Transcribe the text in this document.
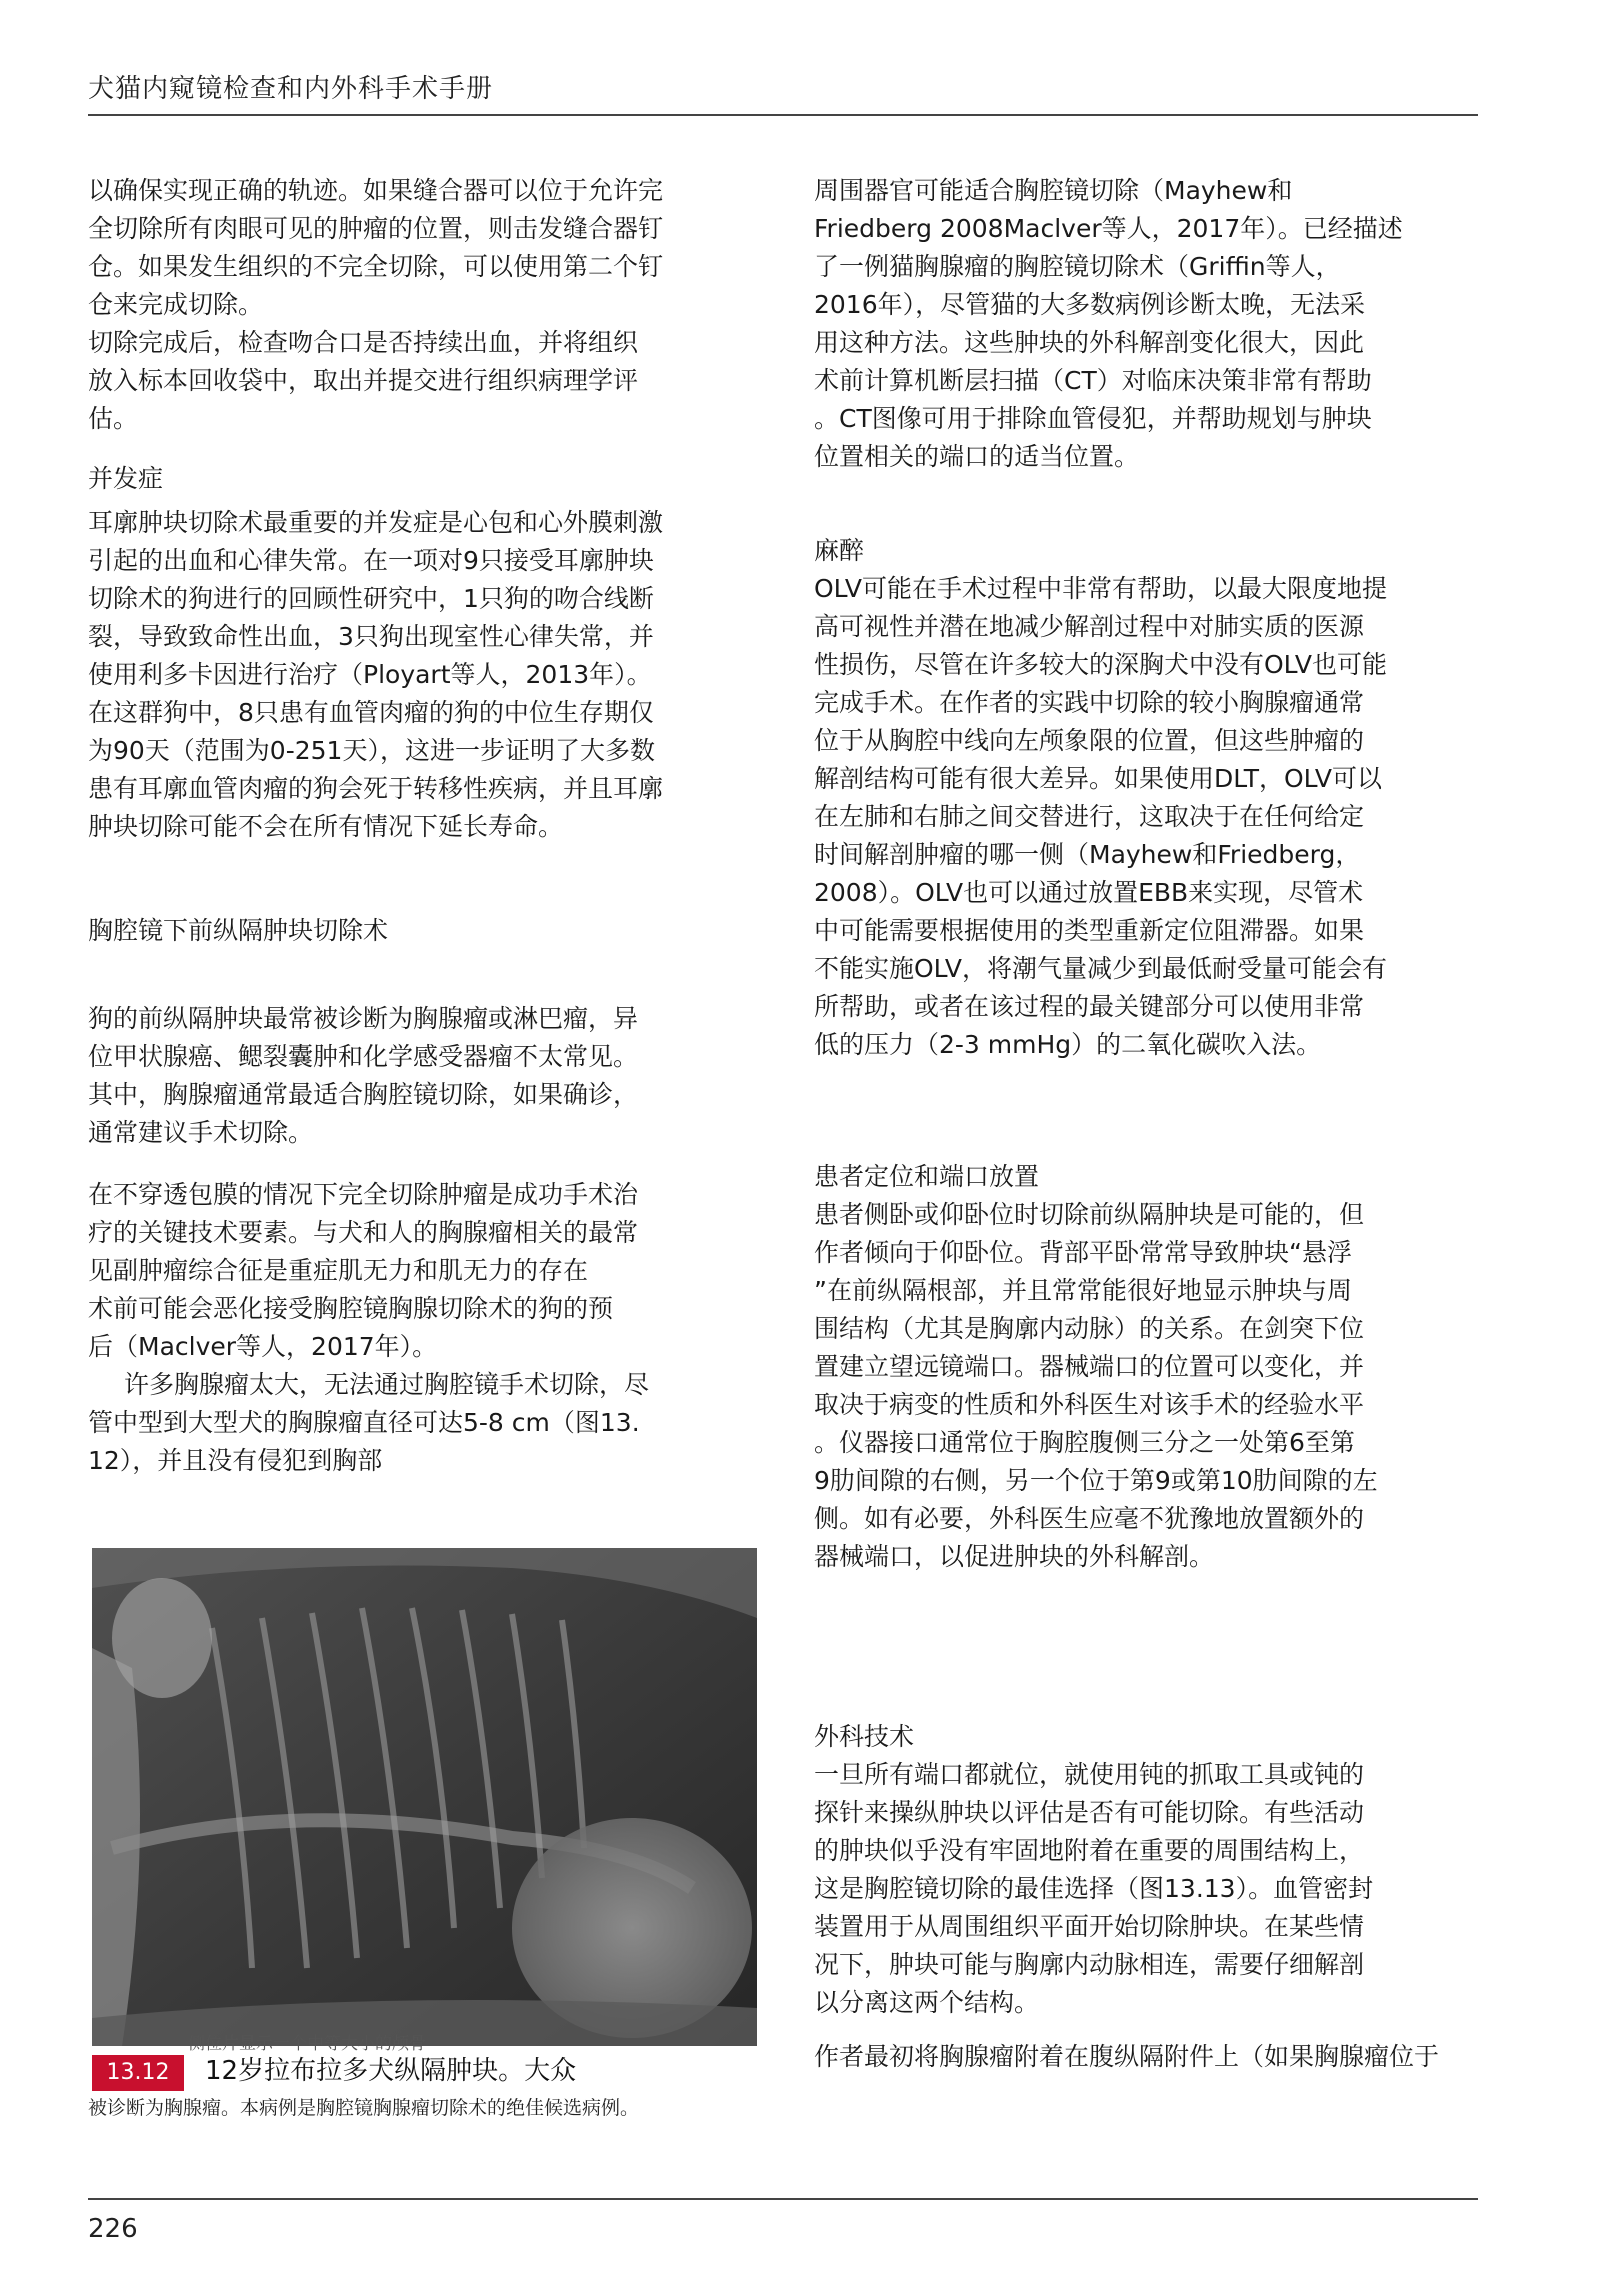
犬猫内窥镜检查和内外科手术手册

以确保实现正确的轨迹。如果缝合器可以位于允许完
全切除所有肉眼可见的肿瘤的位置，则击发缝合器钉
仓。如果发生组织的不完全切除，可以使用第二个钉
仓来完成切除。

切除完成后，检查吻合口是否持续出血，并将组织
放入标本回收袋中，取出并提交进行组织病理学评
估。

并发症

耳廓肿块切除术最重要的并发症是心包和心外膜刺激
引起的出血和心律失常。在一项对9只接受耳廓肿块
切除术的狗进行的回顾性研究中，1只狗的吻合线断
裂，导致致命性出血，3只狗出现室性心律失常，并
使用利多卡因进行治疗（Ployart等人，2013年）。
在这群狗中，8只患有血管肉瘤的狗的中位生存期仅
为90天（范围为0-251天），这进一步证明了大多数
患有耳廓血管肉瘤的狗会死于转移性疾病，并且耳廓
肿块切除可能不会在所有情况下延长寿命。

胸腔镜下前纵隔肿块切除术

狗的前纵隔肿块最常被诊断为胸腺瘤或淋巴瘤，异
位甲状腺癌、鳃裂囊肿和化学感受器瘤不太常见。
其中，胸腺瘤通常最适合胸腔镜切除，如果确诊，
通常建议手术切除。

在不穿透包膜的情况下完全切除肿瘤是成功手术治
疗的关键技术要素。与犬和人的胸腺瘤相关的最常
见副肿瘤综合征是重症肌无力和肌无力的存在
术前可能会恶化接受胸腔镜胸腺切除术的狗的预
后（Maclver等人，2017年）。

许多胸腺瘤太大，无法通过胸腔镜手术切除，尽
管中型到大型犬的胸腺瘤直径可达5-8 cm（图13.
12），并且没有侵犯到胸部

周围器官可能适合胸腔镜切除（Mayhew和
Friedberg 2008Maclver等人，2017年）。已经描述
了一例猫胸腺瘤的胸腔镜切除术（Griffin等人，
2016年），尽管猫的大多数病例诊断太晚，无法采
用这种方法。这些肿块的外科解剖变化很大，因此
术前计算机断层扫描（CT）对临床决策非常有帮助
。CT图像可用于排除血管侵犯，并帮助规划与肿块
位置相关的端口的适当位置。

麻醉

OLV可能在手术过程中非常有帮助，以最大限度地提
高可视性并潜在地减少解剖过程中对肺实质的医源
性损伤，尽管在许多较大的深胸犬中没有OLV也可能
完成手术。在作者的实践中切除的较小胸腺瘤通常
位于从胸腔中线向左颅象限的位置，但这些肿瘤的
解剖结构可能有很大差异。如果使用DLT，OLV可以
在左肺和右肺之间交替进行，这取决于在任何给定
时间解剖肿瘤的哪一侧（Mayhew和Friedberg，
2008）。OLV也可以通过放置EBB来实现，尽管术
中可能需要根据使用的类型重新定位阻滞器。如果
不能实施OLV，将潮气量减少到最低耐受量可能会有
所帮助，或者在该过程的最关键部分可以使用非常
低的压力（2-3 mmHg）的二氧化碳吹入法。

患者定位和端口放置

患者侧卧或仰卧位时切除前纵隔肿块是可能的，但
作者倾向于仰卧位。背部平卧常常导致肿块“悬浮
”在前纵隔根部，并且常常能很好地显示肿块与周
围结构（尤其是胸廓内动脉）的关系。在剑突下位
置建立望远镜端口。器械端口的位置可以变化，并
取决于病变的性质和外科医生对该手术的经验水平
。仪器接口通常位于胸腔腹侧三分之一处第6至第
9肋间隙的右侧，另一个位于第9或第10肋间隙的左
侧。如有必要，外科医生应毫不犹豫地放置额外的
器械端口，以促进肿块的外科解剖。

外科技术

一旦所有端口都就位，就使用钝的抓取工具或钝的
探针来操纵肿块以评估是否有可能切除。有些活动
的肿块似乎没有牢固地附着在重要的周围结构上，
这是胸腔镜切除的最佳选择（图13.13）。血管密封
装置用于从周围组织平面开始切除肿块。在某些情
况下，肿块可能与胸廓内动脉相连，需要仔细解剖
以分离这两个结构。

作者最初将胸腺瘤附着在腹纵隔附件上（如果胸腺瘤位于

侧位片显示一个中等大小的颅骨
13.12	12岁拉布拉多犬纵隔肿块。大众
被诊断为胸腺瘤。本病例是胸腔镜胸腺瘤切除术的绝佳候选病例。
226
